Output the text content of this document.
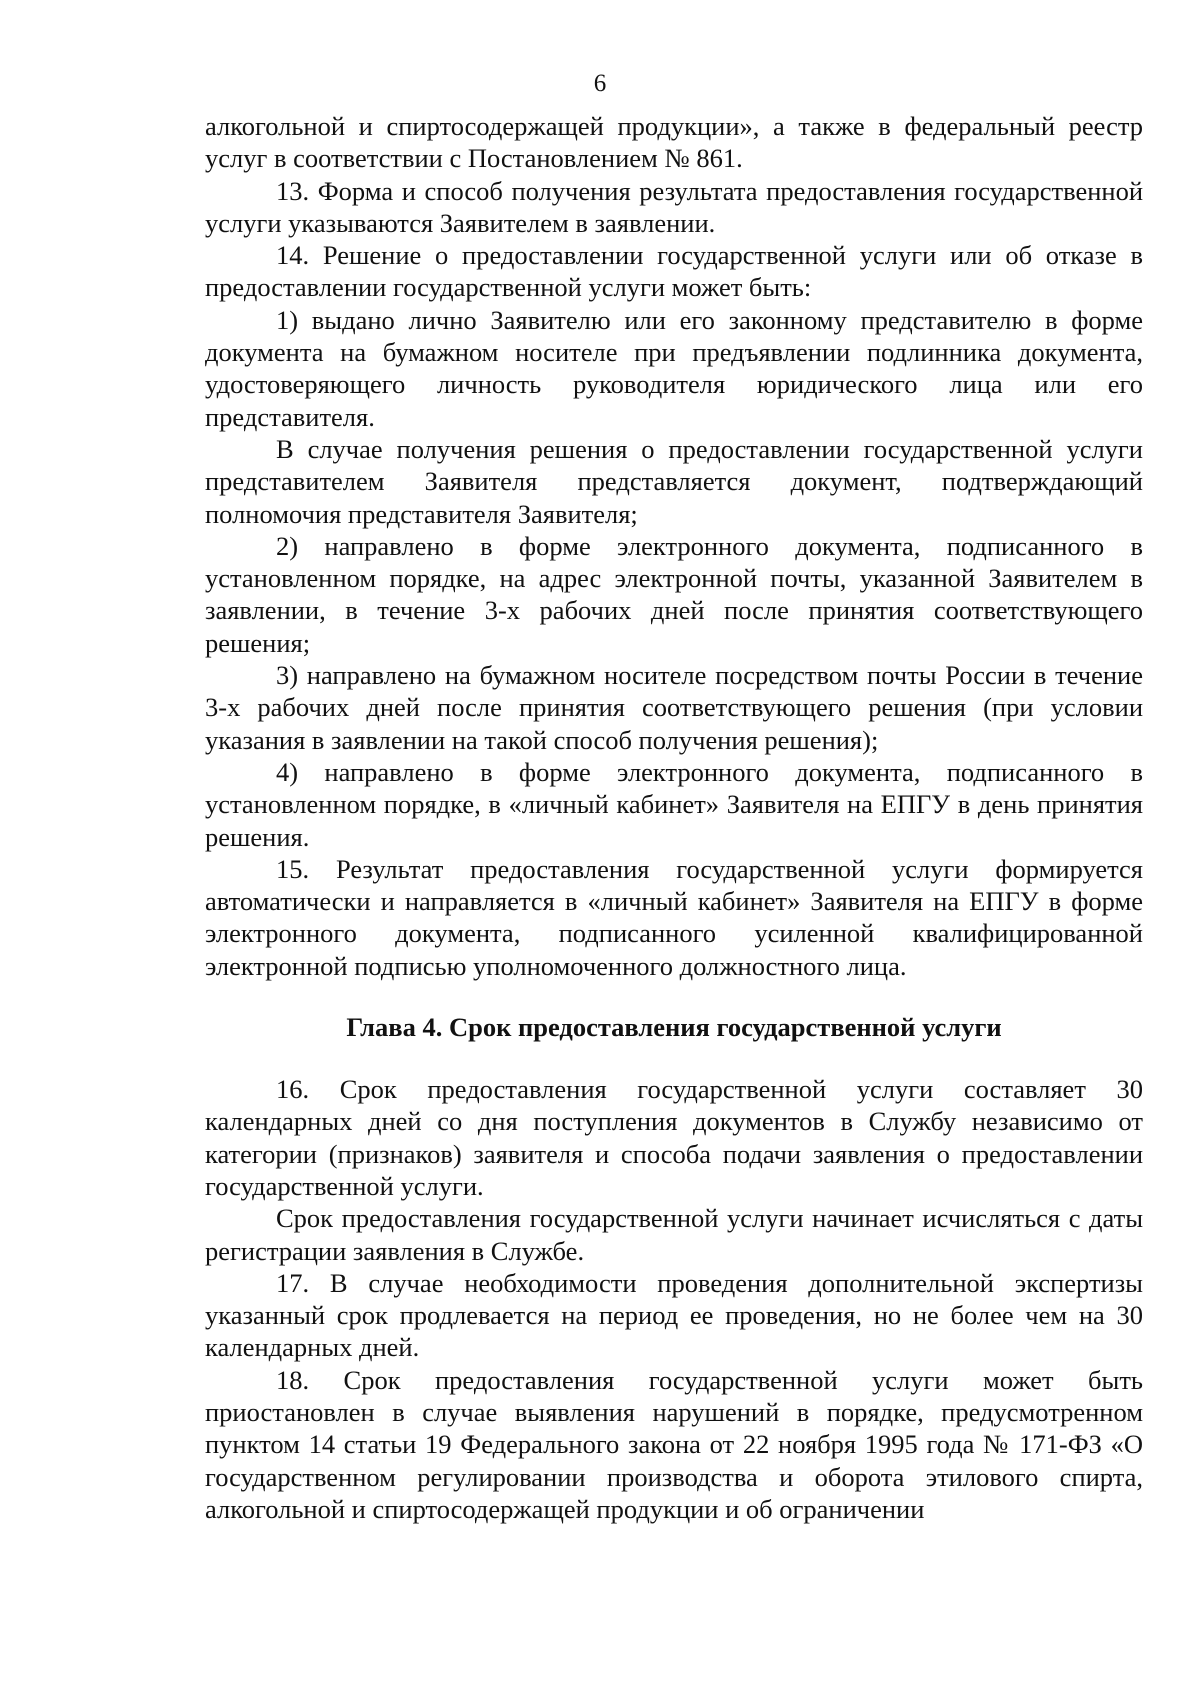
6

алкогольной и спиртосодержащей продукции», а также в федеральный реестр услуг в соответствии с Постановлением № 861.

13. Форма и способ получения результата предоставления государственной услуги указываются Заявителем в заявлении.

14. Решение о предоставлении государственной услуги или об отказе в предоставлении государственной услуги может быть:

1) выдано лично Заявителю или его законному представителю в форме документа на бумажном носителе при предъявлении подлинника документа, удостоверяющего личность руководителя юридического лица или его представителя.

В случае получения решения о предоставлении государственной услуги представителем Заявителя представляется документ, подтверждающий полномочия представителя Заявителя;

2) направлено в форме электронного документа, подписанного в установленном порядке, на адрес электронной почты, указанной Заявителем в заявлении, в течение 3-х рабочих дней после принятия соответствующего решения;

3) направлено на бумажном носителе посредством почты России в течение 3-х рабочих дней после принятия соответствующего решения (при условии указания в заявлении на такой способ получения решения);

4) направлено в форме электронного документа, подписанного в установленном порядке, в «личный кабинет» Заявителя на ЕПГУ в день принятия решения.

15. Результат предоставления государственной услуги формируется автоматически и направляется в «личный кабинет» Заявителя на ЕПГУ в форме электронного документа, подписанного усиленной квалифицированной электронной подписью уполномоченного должностного лица.

Глава 4. Срок предоставления государственной услуги

16. Срок предоставления государственной услуги составляет 30 календарных дней со дня поступления документов в Службу независимо от категории (признаков) заявителя и способа подачи заявления о предоставлении государственной услуги.

Срок предоставления государственной услуги начинает исчисляться с даты регистрации заявления в Службе.

17. В случае необходимости проведения дополнительной экспертизы указанный срок продлевается на период ее проведения, но не более чем на 30 календарных дней.

18. Срок предоставления государственной услуги может быть приостановлен в случае выявления нарушений в порядке, предусмотренном пунктом 14 статьи 19 Федерального закона от 22 ноября 1995 года № 171-ФЗ «О государственном регулировании производства и оборота этилового спирта, алкогольной и спиртосодержащей продукции и об ограничении
